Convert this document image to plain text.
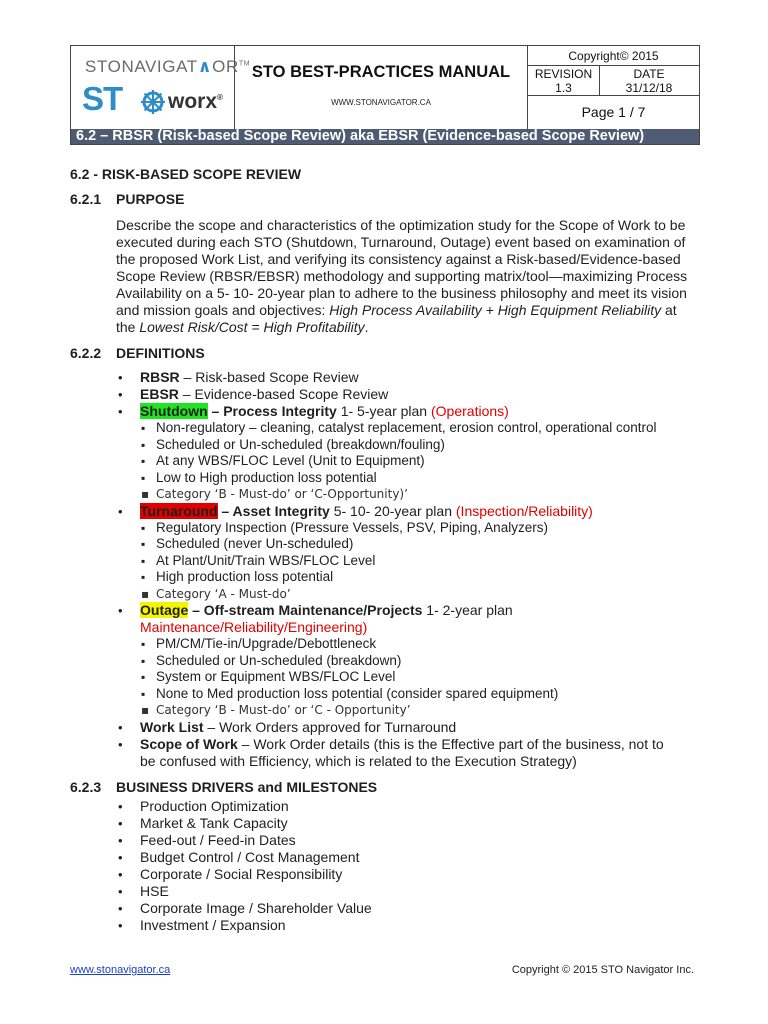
STONAVIGAT∧OR™
ST worx®
STO BEST-PRACTICES MANUAL
WWW.STONAVIGATOR.CA
Copyright© 2015
REVISION
1.3
DATE
31/12/18
Page 1 / 7
6.2 – RBSR (Risk-based Scope Review) aka EBSR (Evidence-based Scope Review)
6.2 - RISK-BASED SCOPE REVIEW
6.2.1 PURPOSE
Describe the scope and characteristics of the optimization study for the Scope of Work to be executed during each STO (Shutdown, Turnaround, Outage) event based on examination of the proposed Work List, and verifying its consistency against a Risk-based/Evidence-based Scope Review (RBSR/EBSR) methodology and supporting matrix/tool—maximizing Process Availability on a 5- 10- 20-year plan to adhere to the business philosophy and meet its vision and mission goals and objectives: High Process Availability + High Equipment Reliability at the Lowest Risk/Cost = High Profitability.
6.2.2 DEFINITIONS
• RBSR – Risk-based Scope Review
• EBSR – Evidence-based Scope Review
• Shutdown – Process Integrity 1- 5-year plan (Operations)
▪ Non-regulatory – cleaning, catalyst replacement, erosion control, operational control
▪ Scheduled or Un-scheduled (breakdown/fouling)
▪ At any WBS/FLOC Level (Unit to Equipment)
▪ Low to High production loss potential
▪ Category ‘B - Must-do’ or ‘C-Opportunity)’
• Turnaround – Asset Integrity 5- 10- 20-year plan (Inspection/Reliability)
▪ Regulatory Inspection (Pressure Vessels, PSV, Piping, Analyzers)
▪ Scheduled (never Un-scheduled)
▪ At Plant/Unit/Train WBS/FLOC Level
▪ High production loss potential
▪ Category ‘A - Must-do’
• Outage – Off-stream Maintenance/Projects 1- 2-year plan
Maintenance/Reliability/Engineering)
▪ PM/CM/Tie-in/Upgrade/Debottleneck
▪ Scheduled or Un-scheduled (breakdown)
▪ System or Equipment WBS/FLOC Level
▪ None to Med production loss potential (consider spared equipment)
▪ Category ‘B - Must-do’ or ‘C - Opportunity’
• Work List – Work Orders approved for Turnaround
• Scope of Work – Work Order details (this is the Effective part of the business, not to be confused with Efficiency, which is related to the Execution Strategy)
6.2.3 BUSINESS DRIVERS and MILESTONES
• Production Optimization
• Market & Tank Capacity
• Feed-out / Feed-in Dates
• Budget Control / Cost Management
• Corporate / Social Responsibility
• HSE
• Corporate Image / Shareholder Value
• Investment / Expansion
www.stonavigator.ca	Copyright © 2015 STO Navigator Inc.
